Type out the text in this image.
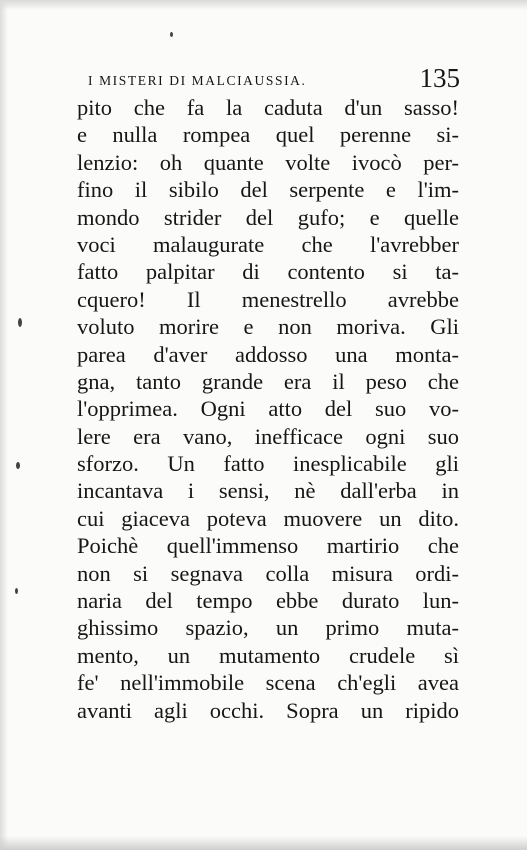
I MISTERI DI MALCIAUSSIA.	135
pito che fa la caduta d'un sasso!
e nulla rompea quel perenne si-
lenzio: oh quante volte ivocò per-
fino il sibilo del serpente e l'im-
mondo strider del gufo; e quelle
voci malaugurate che l'avrebber
fatto palpitar di contento si ta-
cquero! Il menestrello avrebbe
voluto morire e non moriva. Gli
parea d'aver addosso una monta-
gna, tanto grande era il peso che
l'opprimea. Ogni atto del suo vo-
lere era vano, inefficace ogni suo
sforzo. Un fatto inesplicabile gli
incantava i sensi, nè dall'erba in
cui giaceva poteva muovere un dito.
Poichè quell'immenso martirio che
non si segnava colla misura ordi-
naria del tempo ebbe durato lun-
ghissimo spazio, un primo muta-
mento, un mutamento crudele sì
fe' nell'immobile scena ch'egli avea
avanti agli occhi. Sopra un ripido
